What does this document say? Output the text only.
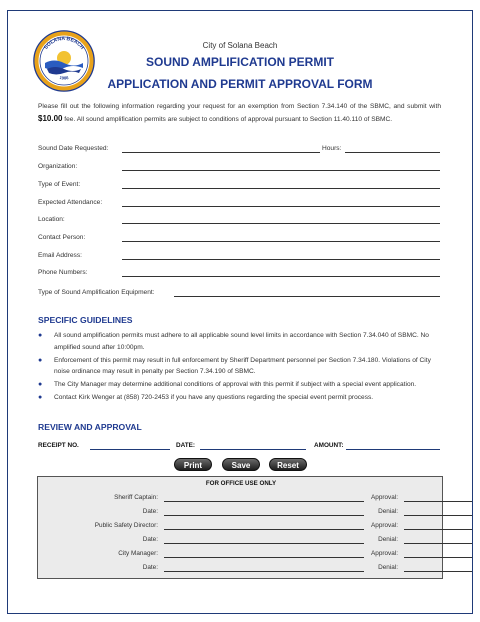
SOLANA BEACH
1986
City of Solana Beach
SOUND AMPLIFICATION PERMIT
APPLICATION AND PERMIT APPROVAL FORM
Please fill out the following information regarding your request for an exemption from Section 7.34.140 of the SBMC, and submit with $10.00 fee. All sound amplification permits are subject to conditions of approval pursuant to Section 11.40.110 of SBMC.
Sound Date Requested:	Hours:
Organization:
Type of Event:
Expected Attendance:
Location:
Contact Person:
Email Address:
Phone Numbers:
Type of Sound Amplification Equipment:
SPECIFIC GUIDELINES
● All sound amplification permits must adhere to all applicable sound level limits in accordance with Section 7.34.040 of SBMC. No amplified sound after 10:00pm.
● Enforcement of this permit may result in full enforcement by Sheriff Department personnel per Section 7.34.180. Violations of City noise ordinance may result in penalty per Section 7.34.190 of SBMC.
● The City Manager may determine additional conditions of approval with this permit if subject with a special event application.
● Contact Kirk Wenger at (858) 720-2453 if you have any questions regarding the special event permit process.
REVIEW AND APPROVAL
RECEIPT NO.	DATE:	AMOUNT:
Print	Save	Reset
FOR OFFICE USE ONLY
Sheriff Captain:	Approval:
Date:	Denial:
Public Safety Director:	Approval:
Date:	Denial:
City Manager:	Approval:
Date:	Denial:
